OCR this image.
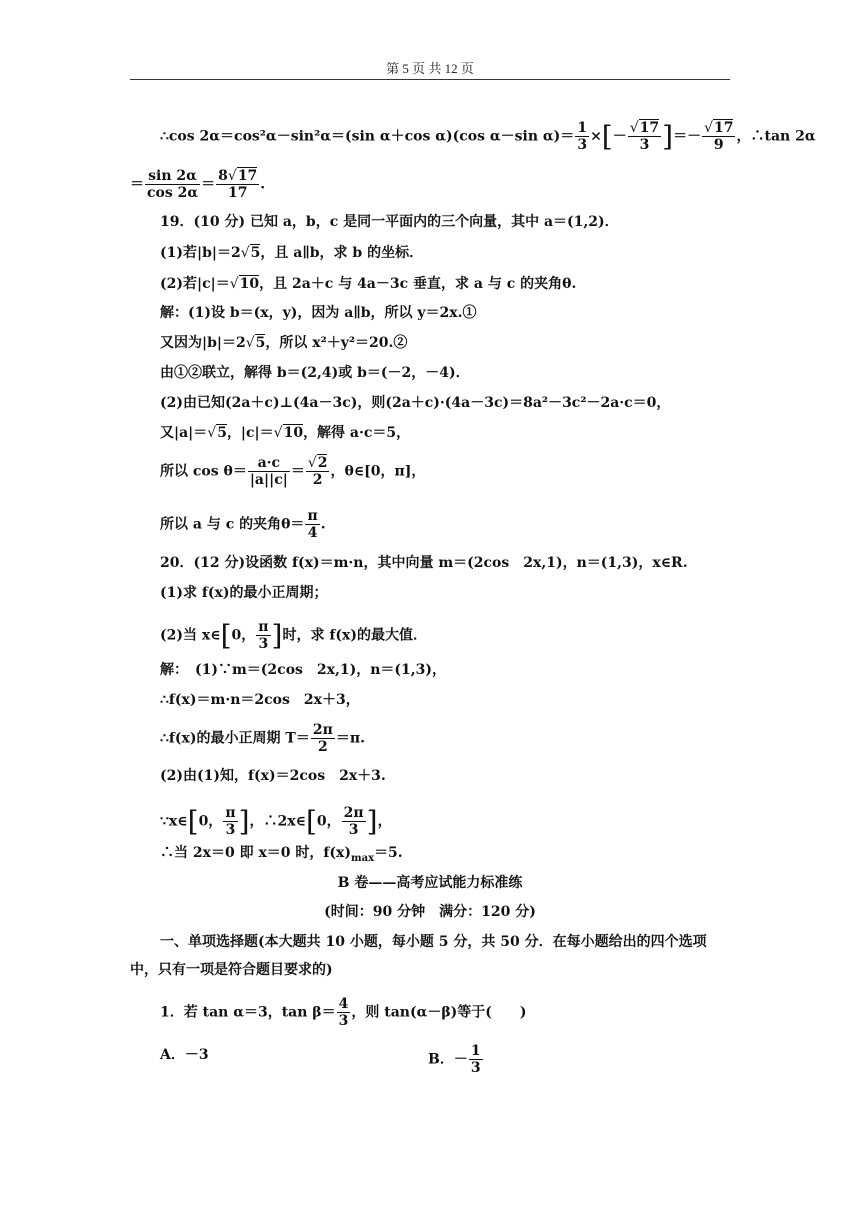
第 5 页 共 12 页
∴cos 2α＝cos²α－sin²α＝(sin α＋cos α)(cos α－sin $\alpha)= \frac{1}{3}$ ×[－ √ $\frac{17}{3}$ ]＝－ √ $\frac{17}{9}$ ，∴tan 2α
＝ $\frac{\sin 2\alpha}{\cos 2\alpha} = \frac{8 √ 17}{17}$ .
19．(10 分) 已知 a，b，c 是同一平面内的三个向量，其中 a＝(1,2)．
(1)若|b|＝2 √ 5，且 a∥b，求 b 的坐标．
(2)若|c|＝ √ 10，且 2a＋c 与 4a－3c 垂直，求 a 与 c 的夹角θ.
解：(1)设 b＝(x，y)，因为 a∥b，所以 y＝2x.①
又因为|b|＝2 √ 5，所以 x²＋y²＝20.②
由①②联立，解得 b＝(2,4)或 b＝(－2，－4)．
(2)由已知(2a＋c)⊥(4a－3c)，则(2a＋c)·(4a－3c)＝8a²－3c²－2a·c＝0，
又|a|＝ √ 5，|c|＝ √ 10，解得 a·c＝5，
所以 $\cos \theta= \frac{a\cdot c}{|a||c|}$ ＝ √ $\frac{2}{2}$ ，θ∈[0，π]，
所以 a 与 c 的夹角$\theta= \frac{\pi}{4}$ .
20．(12 分)设函数 f(x)＝m·n，其中向量 m＝(2cos　2x,1)，n＝(1,3)，x∈R.
(1)求 f(x)的最小正周期；
(2)当 x∈[0， $\frac{\pi}{3}$ ]时，求 f(x)的最大值．
解：　(1)∵m＝(2cos　2x,1)，n＝(1,3)，
∴f(x)＝m·n＝2cos　2x＋3，
∴f(x)的最小正周期 $T= \frac{2\pi}{2} =\pi$.
(2)由(1)知，f(x)＝2cos　2x＋3.
∵x∈[0， $\frac{\pi}{3}$ ]，∴2x∈[0， $\frac{2\pi}{3}$ ]，
∴当 2x＝0 即 x＝0 时，$f(x)_{max}=5$.
B 卷——高考应试能力标准练
(时间：90 分钟　满分：120 分)
一、单项选择题(本大题共 10 小题，每小题 5 分，共 50 分．在每小题给出的四个选项
中，只有一项是符合题目要求的)
1．若 tan α＝3，$\tan \beta= \frac{4}{3}$ ，则 tan(α－β)等于(　　)
A．－3	B．－ $\frac{1}{3}$
